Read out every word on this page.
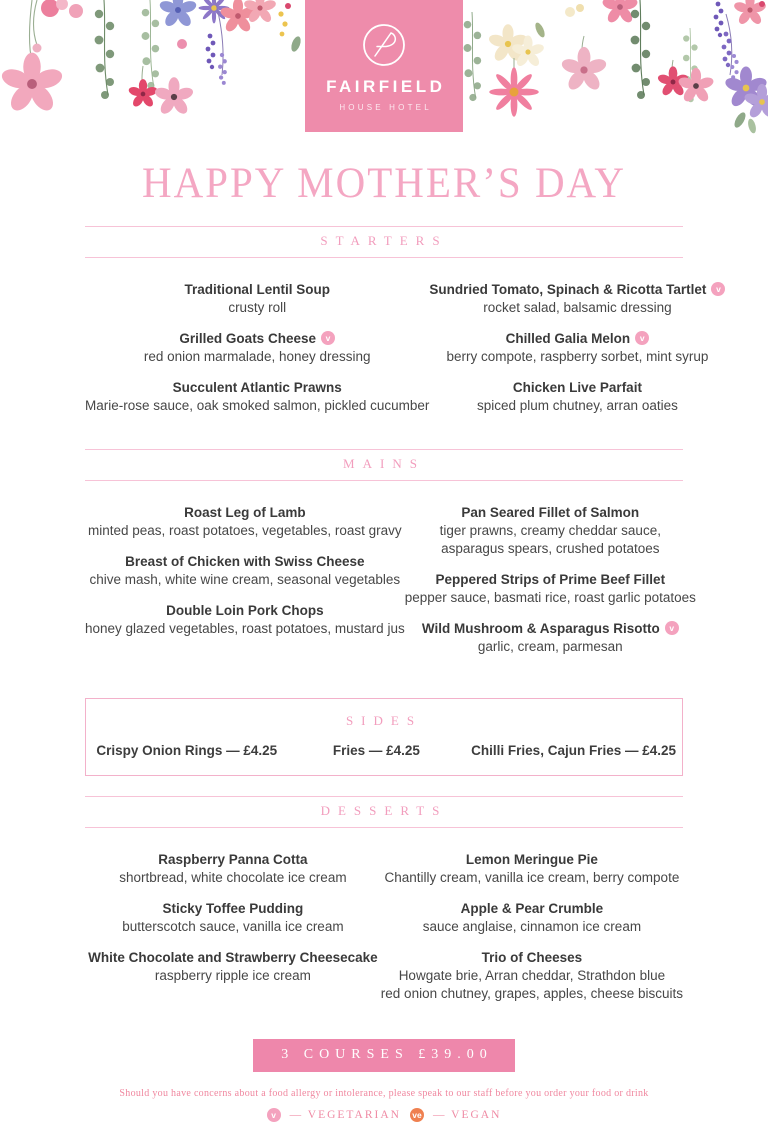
FAIRFIELD
HOUSE HOTEL
HAPPY MOTHER’S DAY
STARTERS
Traditional Lentil Soup
crusty roll
Grilled Goats Cheese v
red onion marmalade, honey dressing
Succulent Atlantic Prawns
Marie-rose sauce, oak smoked salmon, pickled cucumber
Sundried Tomato, Spinach & Ricotta Tartlet v
rocket salad, balsamic dressing
Chilled Galia Melon v
berry compote, raspberry sorbet, mint syrup
Chicken Live Parfait
spiced plum chutney, arran oaties
MAINS
Roast Leg of Lamb
minted peas, roast potatoes, vegetables, roast gravy
Breast of Chicken with Swiss Cheese
chive mash, white wine cream, seasonal vegetables
Double Loin Pork Chops
honey glazed vegetables, roast potatoes, mustard jus
Pan Seared Fillet of Salmon
tiger prawns, creamy cheddar sauce,
asparagus spears, crushed potatoes
Peppered Strips of Prime Beef Fillet
pepper sauce, basmati rice, roast garlic potatoes
Wild Mushroom & Asparagus Risotto v
garlic, cream, parmesan
SIDES
Crispy Onion Rings — £4.25	Fries — £4.25	Chilli Fries, Cajun Fries — £4.25
DESSERTS
Raspberry Panna Cotta
shortbread, white chocolate ice cream
Sticky Toffee Pudding
butterscotch sauce, vanilla ice cream
White Chocolate and Strawberry Cheesecake
raspberry ripple ice cream
Lemon Meringue Pie
Chantilly cream, vanilla ice cream, berry compote
Apple & Pear Crumble
sauce anglaise, cinnamon ice cream
Trio of Cheeses
Howgate brie, Arran cheddar, Strathdon blue
red onion chutney, grapes, apples, cheese biscuits
3 COURSES £39.00
Should you have concerns about a food allergy or intolerance, please speak to our staff before you order your food or drink
v	— VEGETARIAN ve — VEGAN
